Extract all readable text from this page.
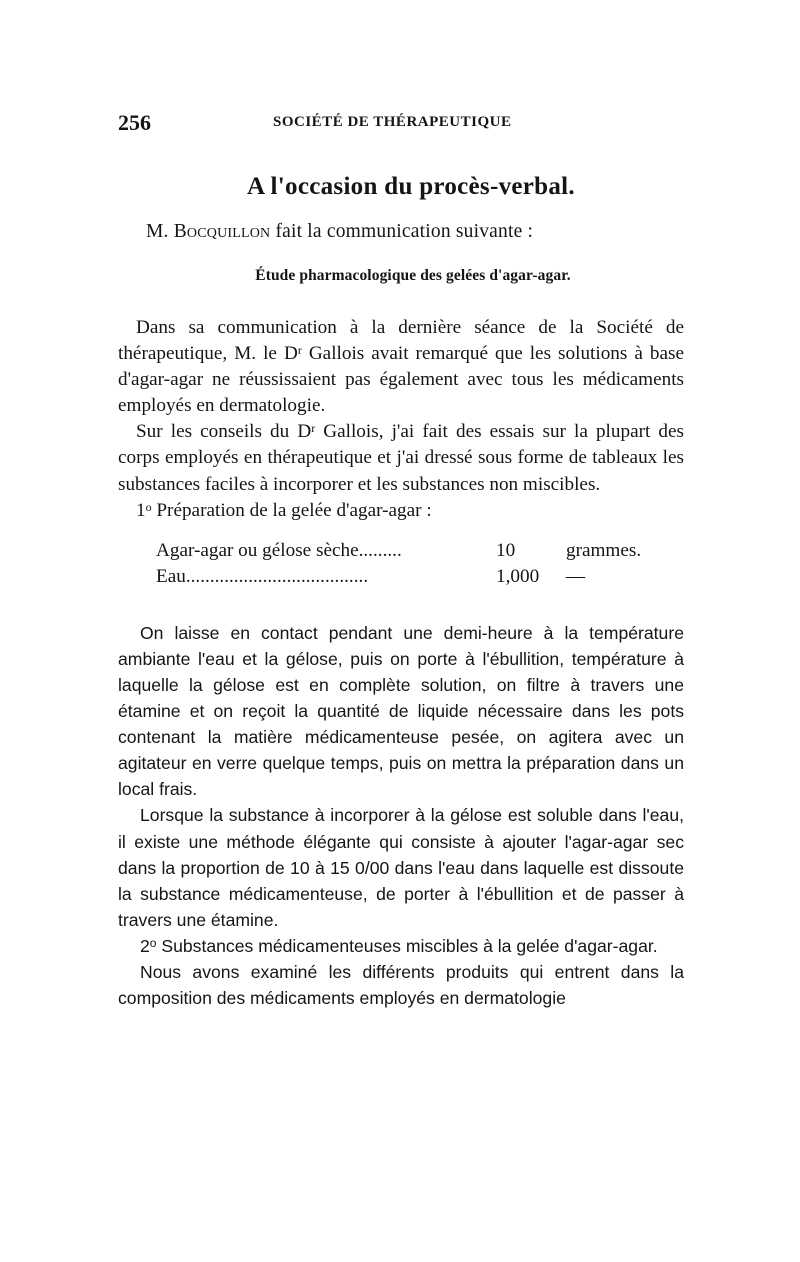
256	SOCIÉTÉ DE THÉRAPEUTIQUE
A l'occasion du procès-verbal.
M. Bocquillon fait la communication suivante :
Étude pharmacologique des gelées d'agar-agar.

Dans sa communication à la dernière séance de la Société de thérapeutique, M. le $D^r$ Gallois avait remarqué que les solutions à base d'agar-agar ne réussissaient pas également avec tous les médicaments employés en dermatologie.

Sur les conseils du $D^r$ Gallois, j'ai fait des essais sur la plupart des corps employés en thérapeutique et j'ai dressé sous forme de tableaux les substances faciles à incorporer et les substances non miscibles.

1$^o$ Préparation de la gelée d'agar-agar :

Agar-agar ou gélose sèche.........	10	grammes.
Eau......................................	1,000 —

On laisse en contact pendant une demi-heure à la température ambiante l'eau et la gélose, puis on porte à l'ébullition, température à laquelle la gélose est en complète solution, on filtre à travers une étamine et on reçoit la quantité de liquide nécessaire dans les pots contenant la matière médicamenteuse pesée, on agitera avec un agitateur en verre quelque temps, puis on mettra la préparation dans un local frais.

Lorsque la substance à incorporer à la gélose est soluble dans l'eau, il existe une méthode élégante qui consiste à ajouter l'agar-agar sec dans la proportion de 10 à 15 0/00 dans l'eau dans laquelle est dissoute la substance médicamenteuse, de porter à l'ébullition et de passer à travers une étamine.

2$^o$ Substances médicamenteuses miscibles à la gelée d'agar-agar.

Nous avons examiné les différents produits qui entrent dans la composition des médicaments employés en dermatologie
